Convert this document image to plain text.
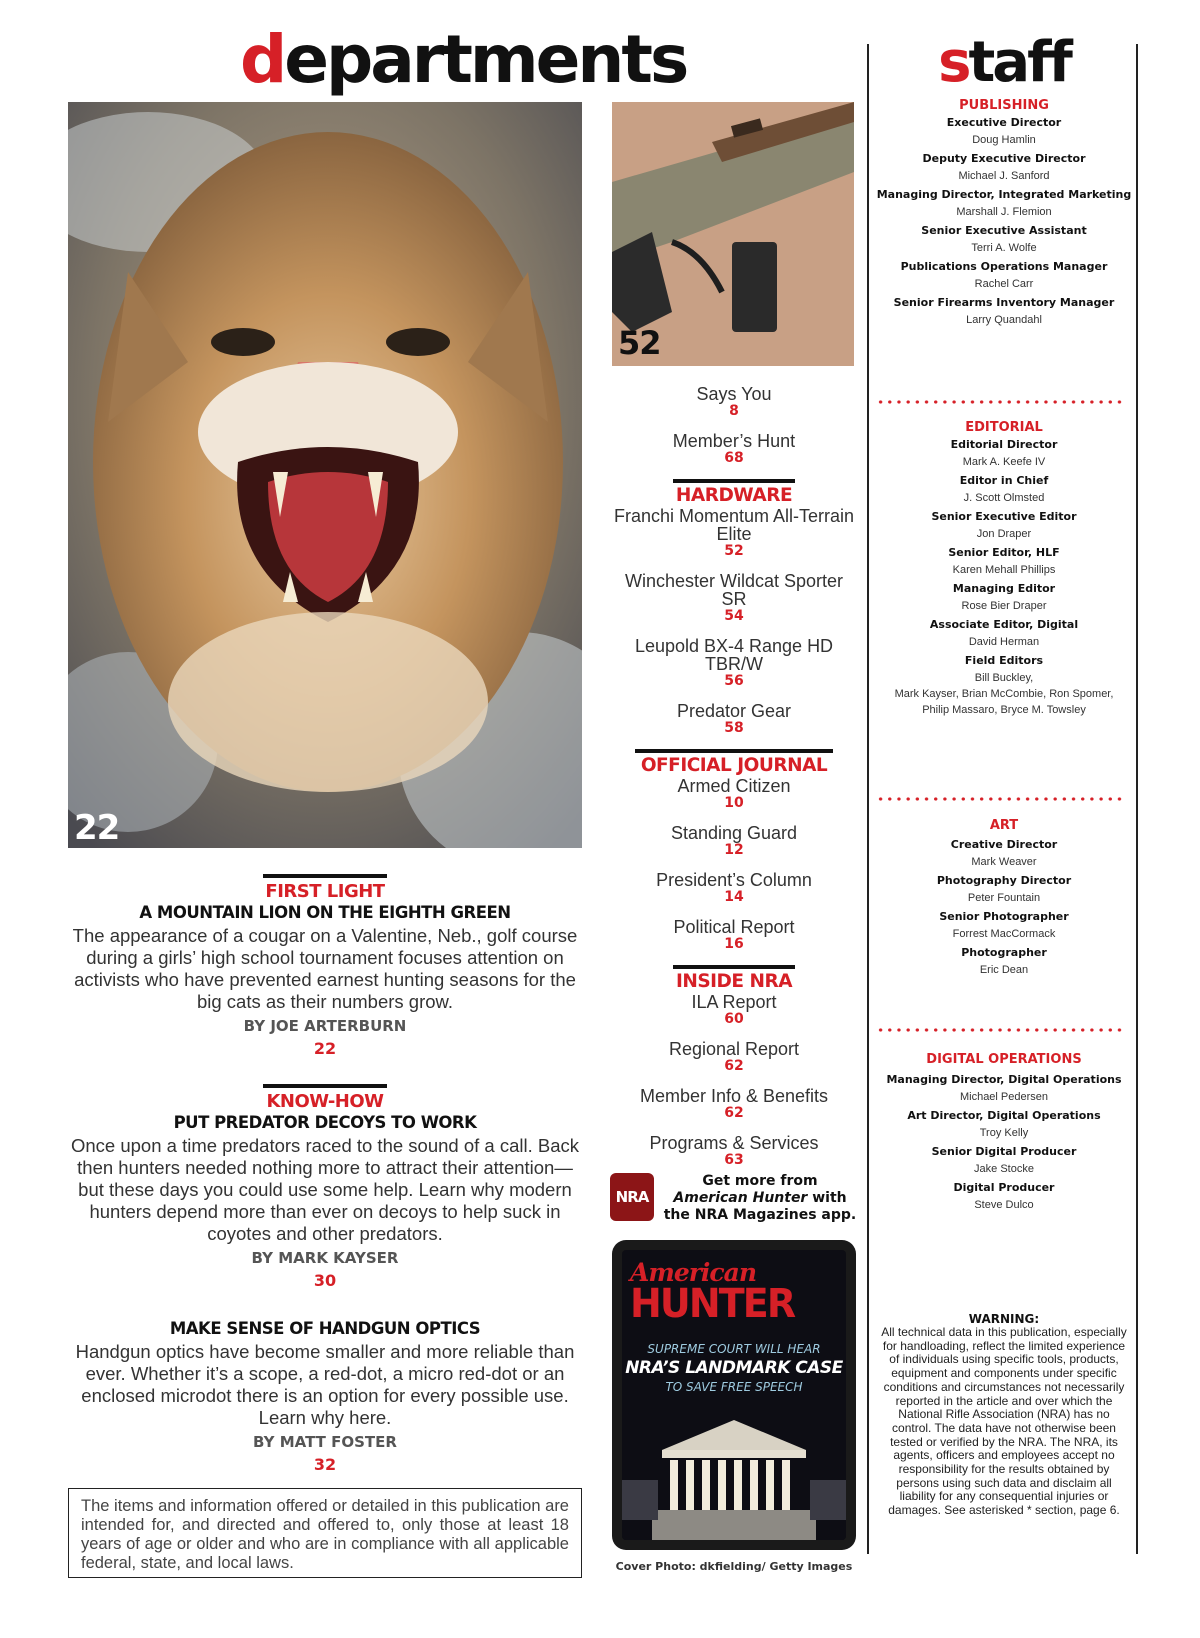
departments
22
52
FIRST LIGHT
A MOUNTAIN LION ON THE EIGHTH GREEN
The appearance of a cougar on a Valentine, Neb., golf course during a girls’ high school tournament focuses attention on activists who have prevented earnest hunting seasons for the big cats as their numbers grow.
BY JOE ARTERBURN
22
KNOW-HOW
PUT PREDATOR DECOYS TO WORK
Once upon a time predators raced to the sound of a call. Back then hunters needed nothing more to attract their attention—but these days you could use some help. Learn why modern hunters depend more than ever on decoys to help suck in coyotes and other predators.
BY MARK KAYSER
30
MAKE SENSE OF HANDGUN OPTICS
Handgun optics have become smaller and more reliable than ever. Whether it’s a scope, a red-dot, a micro red-dot or an enclosed microdot there is an option for every possible use. Learn why here.
BY MATT FOSTER
32
The items and information offered or detailed in this publication are intended for, and directed and offered to, only those at least 18 years of age or older and who are in compliance with all applicable federal, state, and local laws.
Says You
8
Member’s Hunt
68
HARDWARE
Franchi Momentum All-Terrain Elite
52
Winchester Wildcat Sporter SR
54
Leupold BX-4 Range HD TBR/W
56
Predator Gear
58
OFFICIAL JOURNAL
Armed Citizen
10
Standing Guard
12
President’s Column
14
Political Report
16
INSIDE NRA
ILA Report
60
Regional Report
62
Member Info & Benefits
62
Programs & Services
63
NRA
Get more from
American Hunter with the NRA Magazines app.
American
HUNTER
SUPREME COURT WILL HEAR
NRA’S LANDMARK CASE
TO SAVE FREE SPEECH
Cover Photo: dkfielding/ Getty Images
staff
PUBLISHING
Executive Director
Doug Hamlin
Deputy Executive Director
Michael J. Sanford
Managing Director, Integrated Marketing
Marshall J. Flemion
Senior Executive Assistant
Terri A. Wolfe
Publications Operations Manager
Rachel Carr
Senior Firearms Inventory Manager
Larry Quandahl
EDITORIAL
Editorial Director
Mark A. Keefe IV
Editor in Chief
J. Scott Olmsted
Senior Executive Editor
Jon Draper
Senior Editor, HLF
Karen Mehall Phillips
Managing Editor
Rose Bier Draper
Associate Editor, Digital
David Herman
Field Editors
Bill Buckley,
Mark Kayser, Brian McCombie, Ron Spomer,
Philip Massaro, Bryce M. Towsley
ART
Creative Director
Mark Weaver
Photography Director
Peter Fountain
Senior Photographer
Forrest MacCormack
Photographer
Eric Dean
DIGITAL OPERATIONS
Managing Director, Digital Operations
Michael Pedersen
Art Director, Digital Operations
Troy Kelly
Senior Digital Producer
Jake Stocke
Digital Producer
Steve Dulco
WARNING:
All technical data in this publication, especially for handloading, reflect the limited experience of individuals using specific tools, products, equipment and components under specific conditions and circumstances not necessarily reported in the article and over which the National Rifle Association (NRA) has no control. The data have not otherwise been tested or verified by the NRA. The NRA, its agents, officers and employees accept no responsibility for the results obtained by persons using such data and disclaim all liability for any consequential injuries or damages. See asterisked * section, page 6.
